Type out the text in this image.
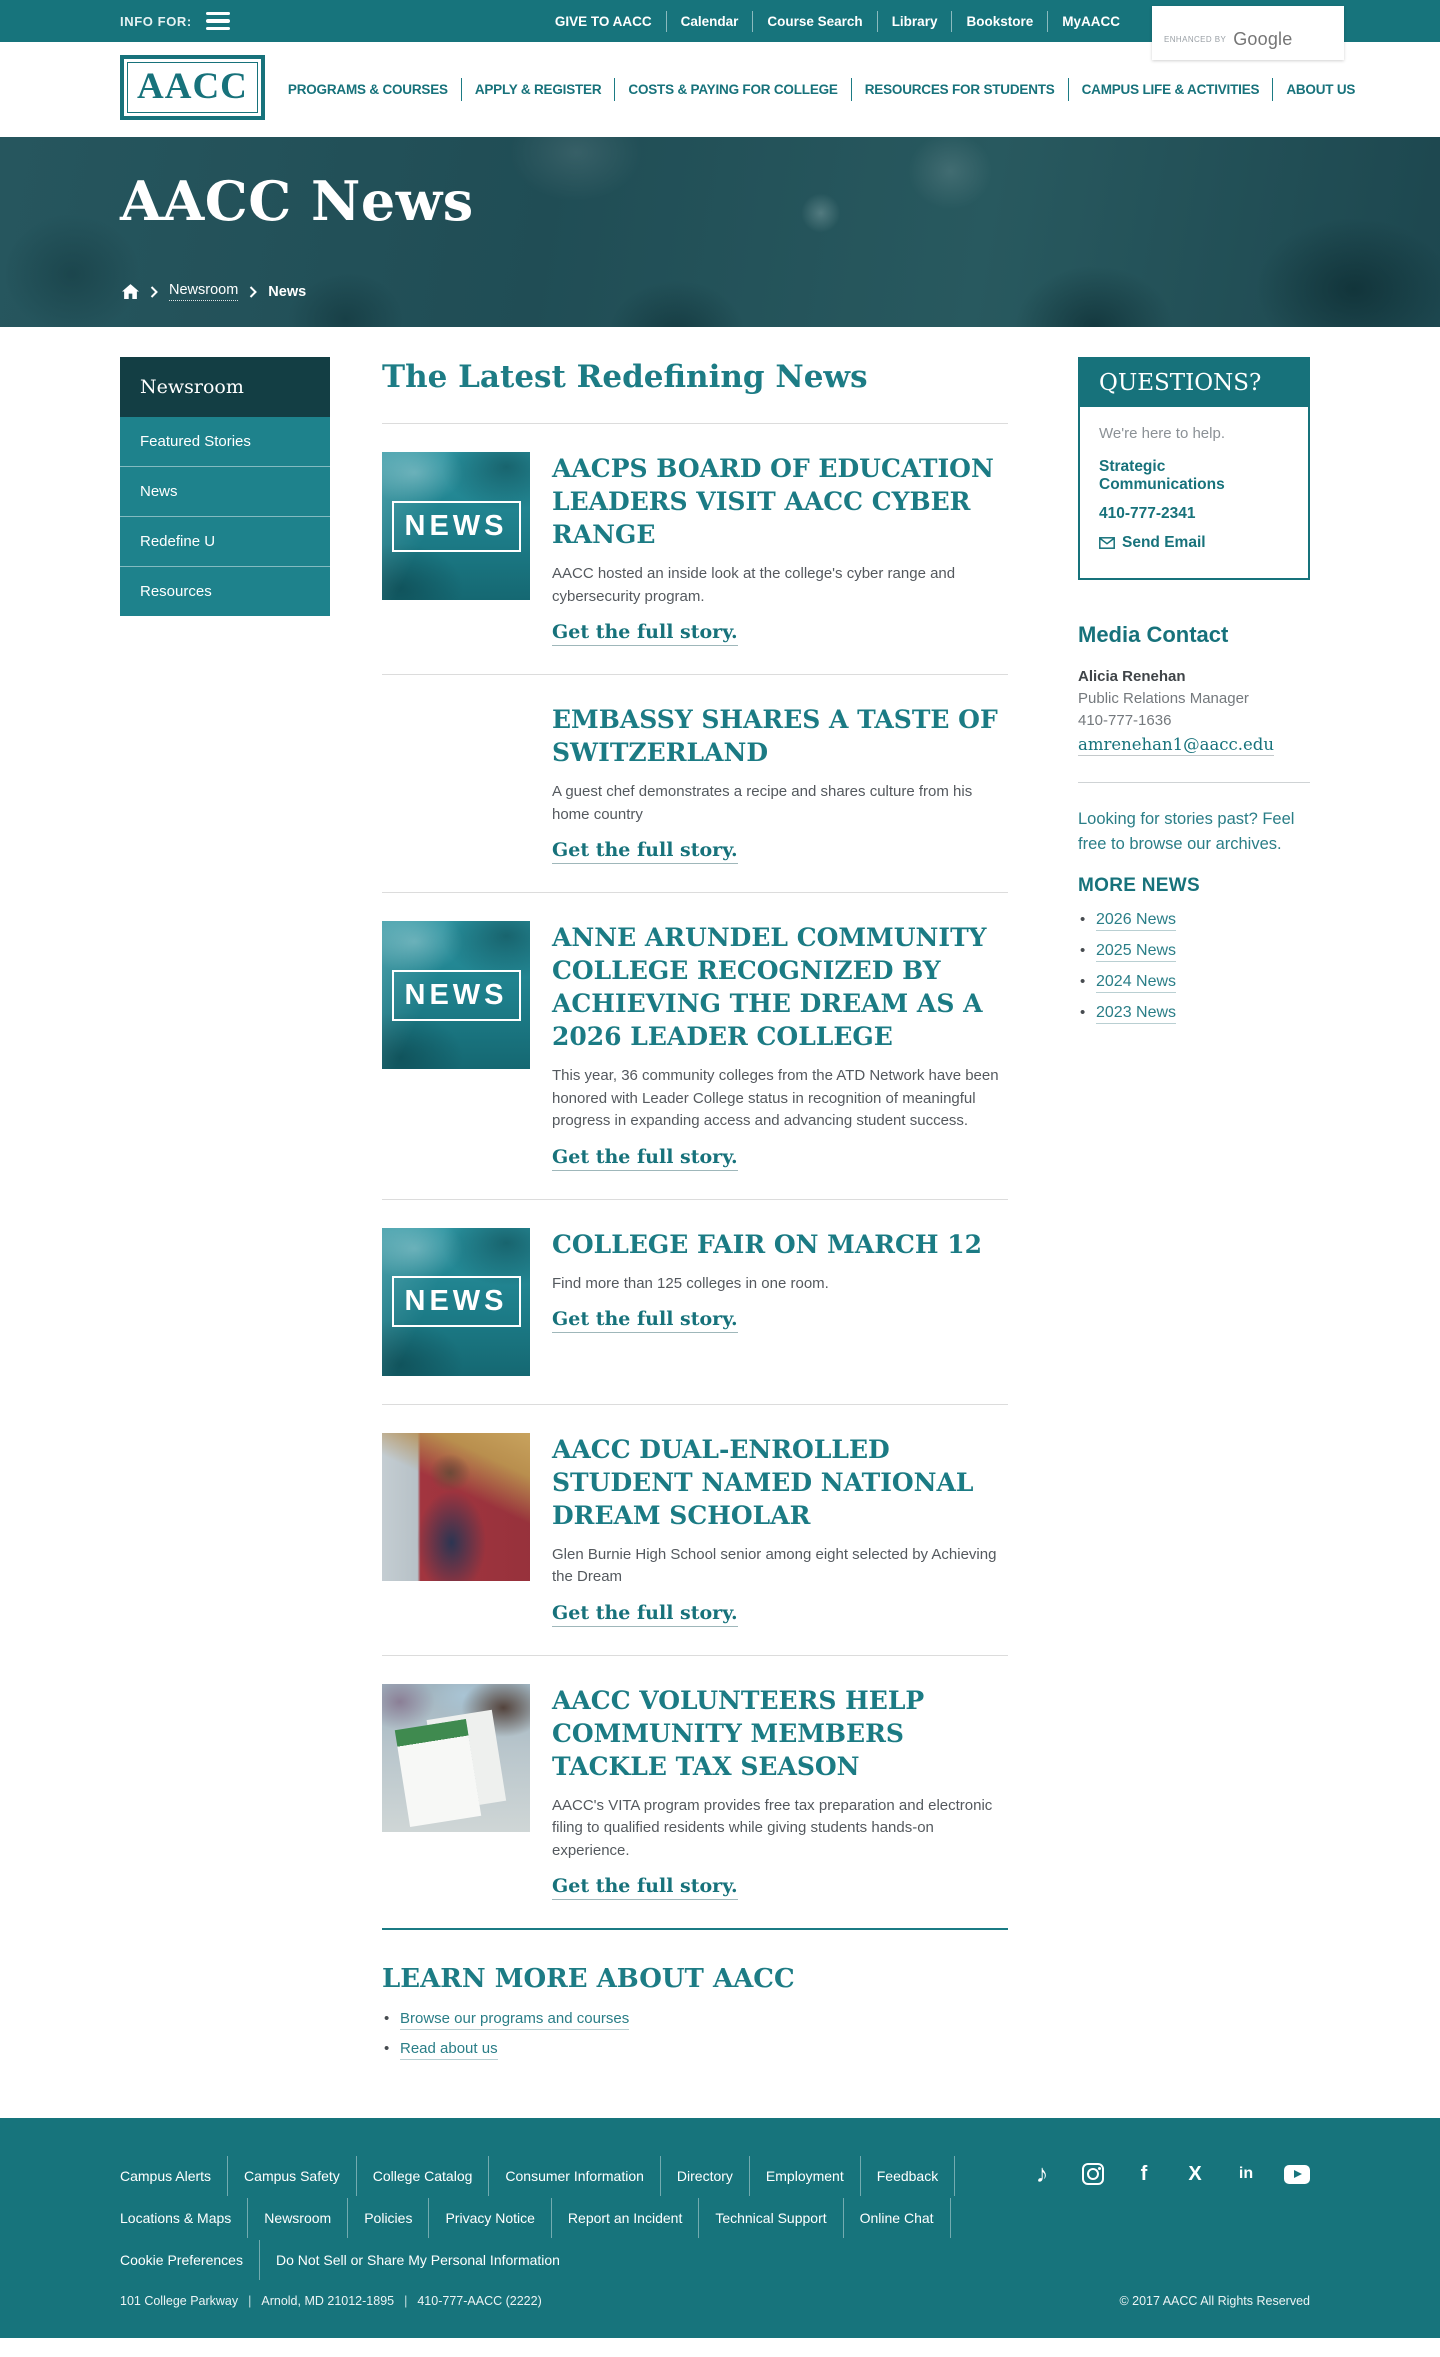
INFO FOR:	GIVE TO AACC	Calendar	Course Search	Library	Bookstore	MyAACC
ENHANCED BY Google
AACC	PROGRAMS & COURSES	APPLY & REGISTER	COSTS & PAYING FOR COLLEGE	RESOURCES FOR STUDENTS	CAMPUS LIFE & ACTIVITIES	ABOUT US
AACC News
Newsroom News
Newsroom
Featured Stories
News
Redefine U
Resources
The Latest Redefining News
NEWS
AACPS BOARD OF EDUCATION LEADERS VISIT AACC CYBER RANGE

AACC hosted an inside look at the college's cyber range and cybersecurity program.

Get the full story.
EMBASSY SHARES A TASTE OF SWITZERLAND

A guest chef demonstrates a recipe and shares culture from his home country

Get the full story.
NEWS
ANNE ARUNDEL COMMUNITY COLLEGE RECOGNIZED BY ACHIEVING THE DREAM AS A 2026 LEADER COLLEGE

This year, 36 community colleges from the ATD Network have been honored with Leader College status in recognition of meaningful progress in expanding access and advancing student success.

Get the full story.
NEWS
COLLEGE FAIR ON MARCH 12

Find more than 125 colleges in one room.

Get the full story.
AACC DUAL-ENROLLED STUDENT NAMED NATIONAL DREAM SCHOLAR

Glen Burnie High School senior among eight selected by Achieving the Dream

Get the full story.
AACC VOLUNTEERS HELP COMMUNITY MEMBERS TACKLE TAX SEASON

AACC's VITA program provides free tax preparation and electronic filing to qualified residents while giving students hands-on experience.

Get the full story.
LEARN MORE ABOUT AACC
• Browse our programs and courses
• Read about us
QUESTIONS?

We're here to help.

Strategic Communications

410-777-2341

Send Email
Media Contact

Alicia Renehan

Public Relations Manager

410-777-1636

amrenehan1@aacc.edu

Looking for stories past? Feel free to browse our archives.

MORE NEWS
• 2026 News
• 2025 News
• 2024 News
• 2023 News
Campus Alerts	Campus Safety	College Catalog	Consumer Information	Directory	Employment	Feedback
Locations & Maps	Newsroom	Policies	Privacy Notice	Report an Incident	Technical Support	Online Chat
Cookie Preferences	Do Not Sell or Share My Personal Information
♪	f X in
101 College Parkway | Arnold, MD 21012-1895 | 410-777-AACC (2222)	© 2017 AACC All Rights Reserved
